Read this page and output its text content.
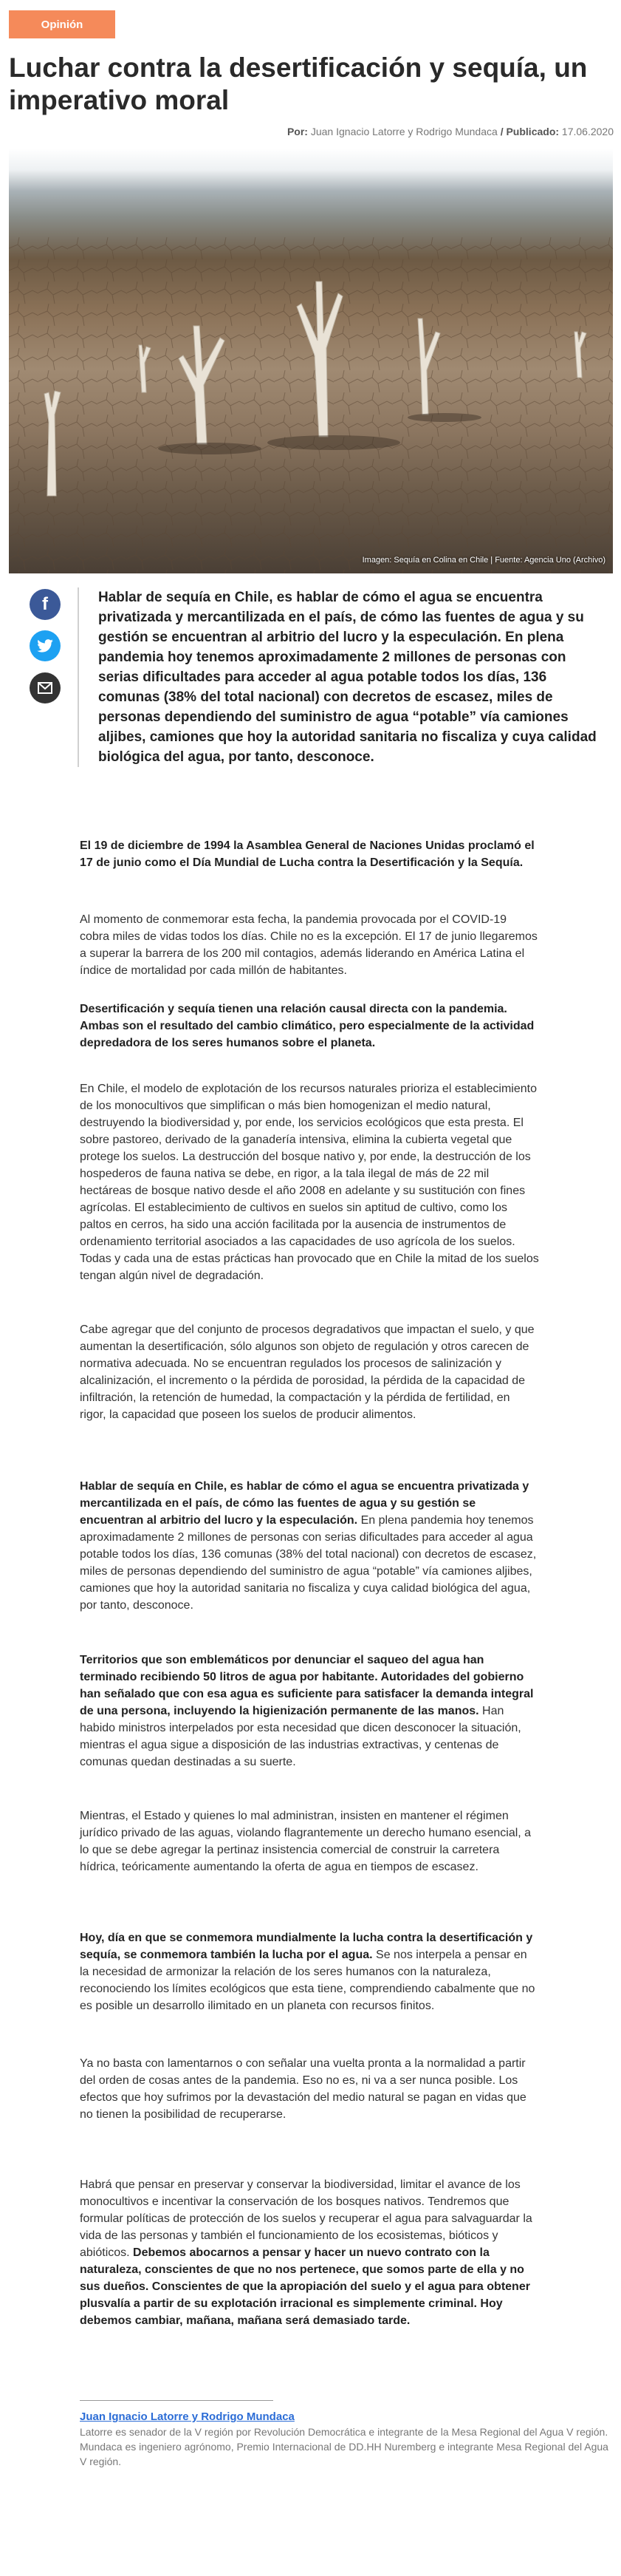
Opinión
Luchar contra la desertificación y sequía, un imperativo moral
Por: Juan Ignacio Latorre y Rodrigo Mundaca / Publicado: 17.06.2020
Imagen: Sequía en Colina en Chile | Fuente: Agencia Uno (Archivo)
f	Hablar de sequía en Chile, es hablar de cómo el agua se encuentra privatizada y mercantilizada en el país, de cómo las fuentes de agua y su gestión se encuentran al arbitrio del lucro y la especulación. En plena pandemia hoy tenemos aproximadamente 2 millones de personas con serias dificultades para acceder al agua potable todos los días, 136 comunas (38% del total nacional) con decretos de escasez, miles de personas dependiendo del suministro de agua “potable” vía camiones aljibes, camiones que hoy la autoridad sanitaria no fiscaliza y cuya calidad biológica del agua, por tanto, desconoce.

El 19 de diciembre de 1994 la Asamblea General de Naciones Unidas proclamó el 17 de junio como el Día Mundial de Lucha contra la Desertificación y la Sequía.

Al momento de conmemorar esta fecha, la pandemia provocada por el COVID-19 cobra miles de vidas todos los días. Chile no es la excepción. El 17 de junio llegaremos a superar la barrera de los 200 mil contagios, además liderando en América Latina el índice de mortalidad por cada millón de habitantes.

Desertificación y sequía tienen una relación causal directa con la pandemia. Ambas son el resultado del cambio climático, pero especialmente de la actividad depredadora de los seres humanos sobre el planeta.

En Chile, el modelo de explotación de los recursos naturales prioriza el establecimiento de los monocultivos que simplifican o más bien homogenizan el medio natural, destruyendo la biodiversidad y, por ende, los servicios ecológicos que esta presta. El sobre pastoreo, derivado de la ganadería intensiva, elimina la cubierta vegetal que protege los suelos. La destrucción del bosque nativo y, por ende, la destrucción de los hospederos de fauna nativa se debe, en rigor, a la tala ilegal de más de 22 mil hectáreas de bosque nativo desde el año 2008 en adelante y su sustitución con fines agrícolas. El establecimiento de cultivos en suelos sin aptitud de cultivo, como los paltos en cerros, ha sido una acción facilitada por la ausencia de instrumentos de ordenamiento territorial asociados a las capacidades de uso agrícola de los suelos. Todas y cada una de estas prácticas han provocado que en Chile la mitad de los suelos tengan algún nivel de degradación.

Cabe agregar que del conjunto de procesos degradativos que impactan el suelo, y que aumentan la desertificación, sólo algunos son objeto de regulación y otros carecen de normativa adecuada. No se encuentran regulados los procesos de salinización y alcalinización, el incremento o la pérdida de porosidad, la pérdida de la capacidad de infiltración, la retención de humedad, la compactación y la pérdida de fertilidad, en rigor, la capacidad que poseen los suelos de producir alimentos.

Hablar de sequía en Chile, es hablar de cómo el agua se encuentra privatizada y mercantilizada en el país, de cómo las fuentes de agua y su gestión se encuentran al arbitrio del lucro y la especulación. En plena pandemia hoy tenemos aproximadamente 2 millones de personas con serias dificultades para acceder al agua potable todos los días, 136 comunas (38% del total nacional) con decretos de escasez, miles de personas dependiendo del suministro de agua “potable” vía camiones aljibes, camiones que hoy la autoridad sanitaria no fiscaliza y cuya calidad biológica del agua, por tanto, desconoce.

Territorios que son emblemáticos por denunciar el saqueo del agua han terminado recibiendo 50 litros de agua por habitante. Autoridades del gobierno han señalado que con esa agua es suficiente para satisfacer la demanda integral de una persona, incluyendo la higienización permanente de las manos. Han habido ministros interpelados por esta necesidad que dicen desconocer la situación, mientras el agua sigue a disposición de las industrias extractivas, y centenas de comunas quedan destinadas a su suerte.

Mientras, el Estado y quienes lo mal administran, insisten en mantener el régimen jurídico privado de las aguas, violando flagrantemente un derecho humano esencial, a lo que se debe agregar la pertinaz insistencia comercial de construir la carretera hídrica, teóricamente aumentando la oferta de agua en tiempos de escasez.

Hoy, día en que se conmemora mundialmente la lucha contra la desertificación y sequía, se conmemora también la lucha por el agua. Se nos interpela a pensar en la necesidad de armonizar la relación de los seres humanos con la naturaleza, reconociendo los límites ecológicos que esta tiene, comprendiendo cabalmente que no es posible un desarrollo ilimitado en un planeta con recursos finitos.

Ya no basta con lamentarnos o con señalar una vuelta pronta a la normalidad a partir del orden de cosas antes de la pandemia. Eso no es, ni va a ser nunca posible. Los efectos que hoy sufrimos por la devastación del medio natural se pagan en vidas que no tienen la posibilidad de recuperarse.

Habrá que pensar en preservar y conservar la biodiversidad, limitar el avance de los monocultivos e incentivar la conservación de los bosques nativos. Tendremos que formular políticas de protección de los suelos y recuperar el agua para salvaguardar la vida de las personas y también el funcionamiento de los ecosistemas, bióticos y abióticos. Debemos abocarnos a pensar y hacer un nuevo contrato con la naturaleza, conscientes de que no nos pertenece, que somos parte de ella y no sus dueños. Conscientes de que la apropiación del suelo y el agua para obtener plusvalía a partir de su explotación irracional es simplemente criminal. Hoy debemos cambiar, mañana, mañana será demasiado tarde.

Juan Ignacio Latorre y Rodrigo Mundaca

Latorre es senador de la V región por Revolución Democrática e integrante de la Mesa Regional del Agua V región. Mundaca es ingeniero agrónomo, Premio Internacional de DD.HH Nuremberg e integrante Mesa Regional del Agua V región.
